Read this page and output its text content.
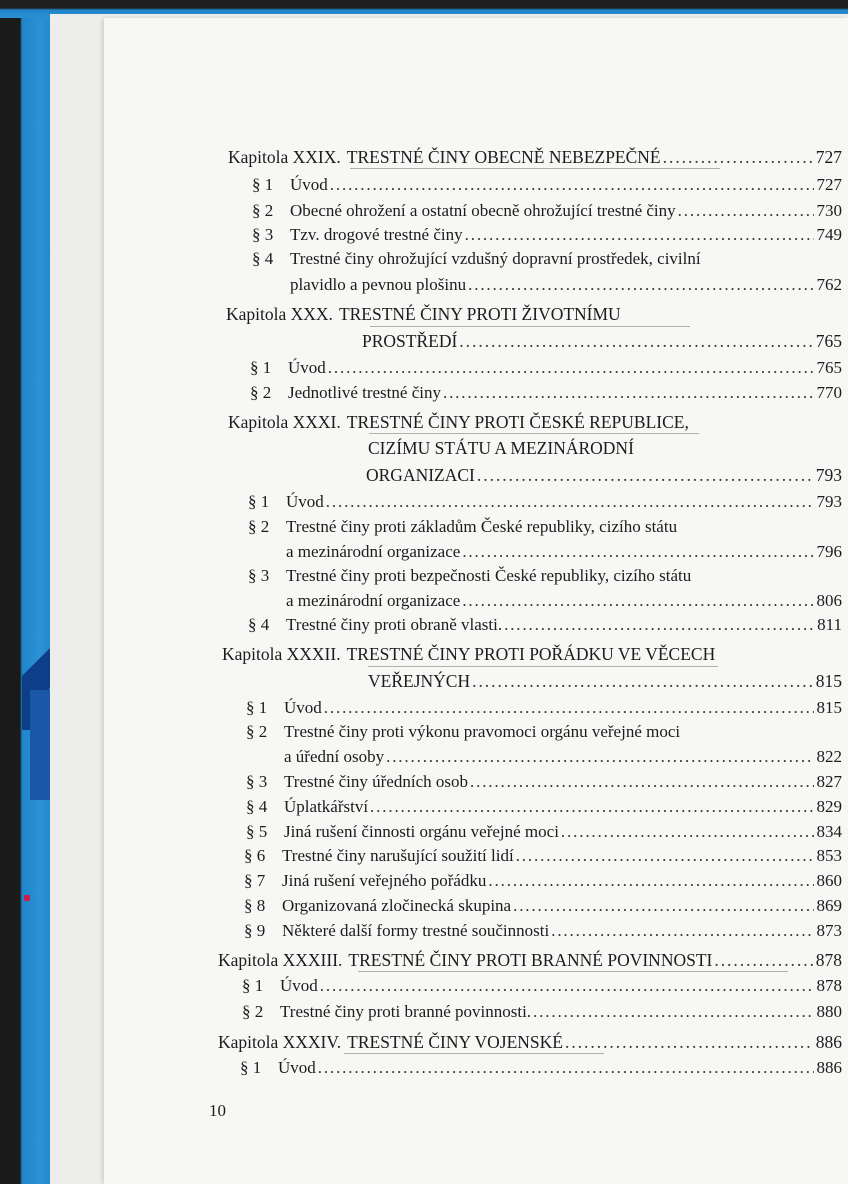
Kapitola XXIX. TRESTNÉ ČINY OBECNĚ NEBEZPEČNÉ . . .	727
§ 1 Úvod . . .	727
§ 2 Obecné ohrožení a ostatní obecně ohrožující trestné činy . . .	730
§ 3 Tzv. drogové trestné činy . . .	749
§ 4 Trestné činy ohrožující vzdušný dopravní prostředek, civilní
plavidlo a pevnou plošinu . . .	762
Kapitola XXX. TRESTNÉ ČINY PROTI ŽIVOTNÍMU
PROSTŘEDÍ . . .	765
§ 1 Úvod . . .	765
§ 2 Jednotlivé trestné činy . . .	770
Kapitola XXXI. TRESTNÉ ČINY PROTI ČESKÉ REPUBLICE,
CIZÍMU STÁTU A MEZINÁRODNÍ
ORGANIZACI . . .	793
§ 1 Úvod . . .	793
§ 2 Trestné činy proti základům České republiky, cizího státu
a mezinárodní organizace . . .	796
§ 3 Trestné činy proti bezpečnosti České republiky, cizího státu
a mezinárodní organizace . . .	806
§ 4 Trestné činy proti obraně vlasti. . . .	811
Kapitola XXXII. TRESTNÉ ČINY PROTI POŘÁDKU VE VĚCECH
VEŘEJNÝCH . . .	815
§ 1 Úvod . . .	815
§ 2 Trestné činy proti výkonu pravomoci orgánu veřejné moci
a úřední osoby . . .	822
§ 3 Trestné činy úředních osob . . .	827
§ 4 Úplatkářství . . .	829
§ 5 Jiná rušení činnosti orgánu veřejné moci . . .	834
§ 6 Trestné činy narušující soužití lidí . . .	853
§ 7 Jiná rušení veřejného pořádku . . .	860
§ 8 Organizovaná zločinecká skupina . . .	869
§ 9 Některé další formy trestné součinnosti . . .	873
Kapitola XXXIII. TRESTNÉ ČINY PROTI BRANNÉ POVINNOSTI . . .	878
§ 1 Úvod . . .	878
§ 2 Trestné činy proti branné povinnosti. . . .	880
Kapitola XXXIV. TRESTNÉ ČINY VOJENSKÉ . . .	886
§ 1 Úvod . . .	886
10
